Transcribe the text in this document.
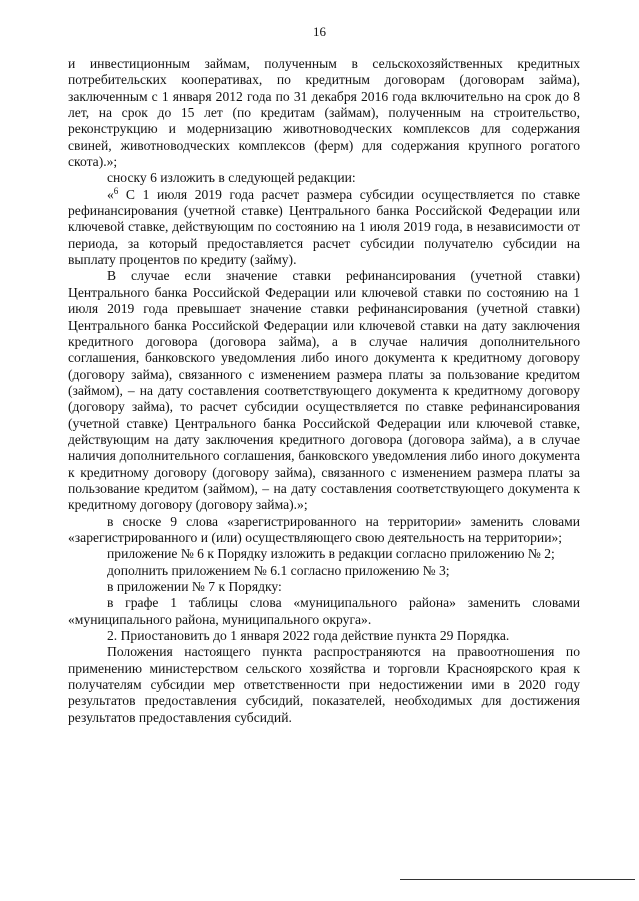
16

и инвестиционным займам, полученным в сельскохозяйственных кредитных потребительских кооперативах, по кредитным договорам (договорам займа), заключенным с 1 января 2012 года по 31 декабря 2016 года включительно на срок до 8 лет, на срок до 15 лет (по кредитам (займам), полученным на строительство, реконструкцию и модернизацию животноводческих комплексов для содержания свиней, животноводческих комплексов (ферм) для содержания крупного рогатого скота).»;

сноску 6 изложить в следующей редакции:

«$^6$ С 1 июля 2019 года расчет размера субсидии осуществляется по ставке рефинансирования (учетной ставке) Центрального банка Российской Федерации или ключевой ставке, действующим по состоянию на 1 июля 2019 года, в независимости от периода, за который предоставляется расчет субсидии получателю субсидии на выплату процентов по кредиту (займу).

В случае если значение ставки рефинансирования (учетной ставки) Центрального банка Российской Федерации или ключевой ставки по состоянию на 1 июля 2019 года превышает значение ставки рефинансирования (учетной ставки) Центрального банка Российской Федерации или ключевой ставки на дату заключения кредитного договора (договора займа), а в случае наличия дополнительного соглашения, банковского уведомления либо иного документа к кредитному договору (договору займа), связанного с изменением размера платы за пользование кредитом (займом), – на дату составления соответствующего документа к кредитному договору (договору займа), то расчет субсидии осуществляется по ставке рефинансирования (учетной ставке) Центрального банка Российской Федерации или ключевой ставке, действующим на дату заключения кредитного договора (договора займа), а в случае наличия дополнительного соглашения, банковского уведомления либо иного документа к кредитному договору (договору займа), связанного с изменением размера платы за пользование кредитом (займом), – на дату составления соответствующего документа к кредитному договору (договору займа).»;

в сноске 9 слова «зарегистрированного на территории» заменить словами «зарегистрированного и (или) осуществляющего свою деятельность на территории»;

приложение № 6 к Порядку изложить в редакции согласно приложению № 2;

дополнить приложением № 6.1 согласно приложению № 3;

в приложении № 7 к Порядку:

в графе 1 таблицы слова «муниципального района» заменить словами «муниципального района, муниципального округа».

2. Приостановить до 1 января 2022 года действие пункта 29 Порядка.

Положения настоящего пункта распространяются на правоотношения по применению министерством сельского хозяйства и торговли Красноярского края к получателям субсидии мер ответственности при недостижении ими в 2020 году результатов предоставления субсидий, показателей, необходимых для достижения результатов предоставления субсидий.
